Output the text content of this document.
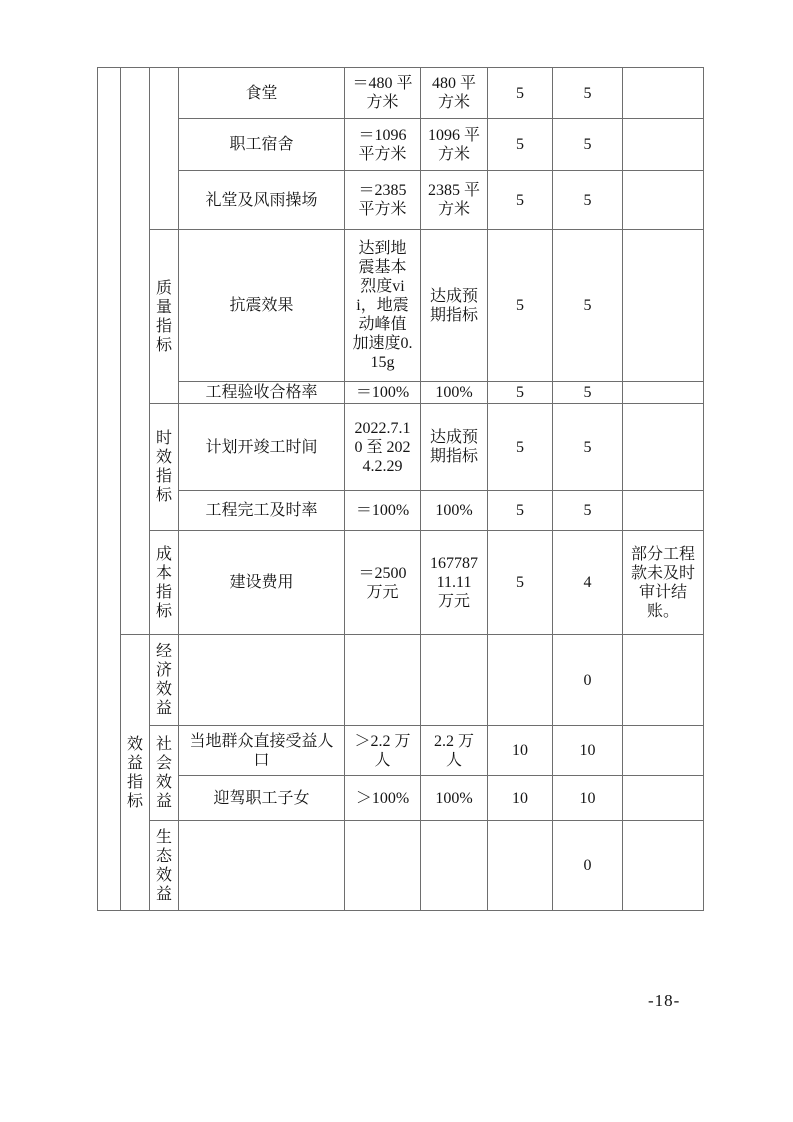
			食堂	＝480 平方米	480 平方米	5	5	
			职工宿舍	＝1096 平方米	1096 平方米	5	5	
			礼堂及风雨操场	＝2385 平方米	2385 平方米	5	5	
		质量指标	抗震效果	达到地震基本烈度vii，地震动峰值加速度0.15g	达成预期指标	5	5	
			工程验收合格率	＝100%	100%	5	5	
		时效指标	计划开竣工时间	2022.7.10 至 2024.2.29	达成预期指标	5	5	
			工程完工及时率	＝100%	100%	5	5	
		成本指标	建设费用	＝2500 万元	16778711.11 万元	5	4	部分工程款未及时审计结账。
	效益指标	经济效益					0	
		社会效益	当地群众直接受益人口	＞2.2 万人	2.2 万人	10	10	
			迎驾职工子女	＞100%	100%	10	10	
		生态效益					0	
-18-
